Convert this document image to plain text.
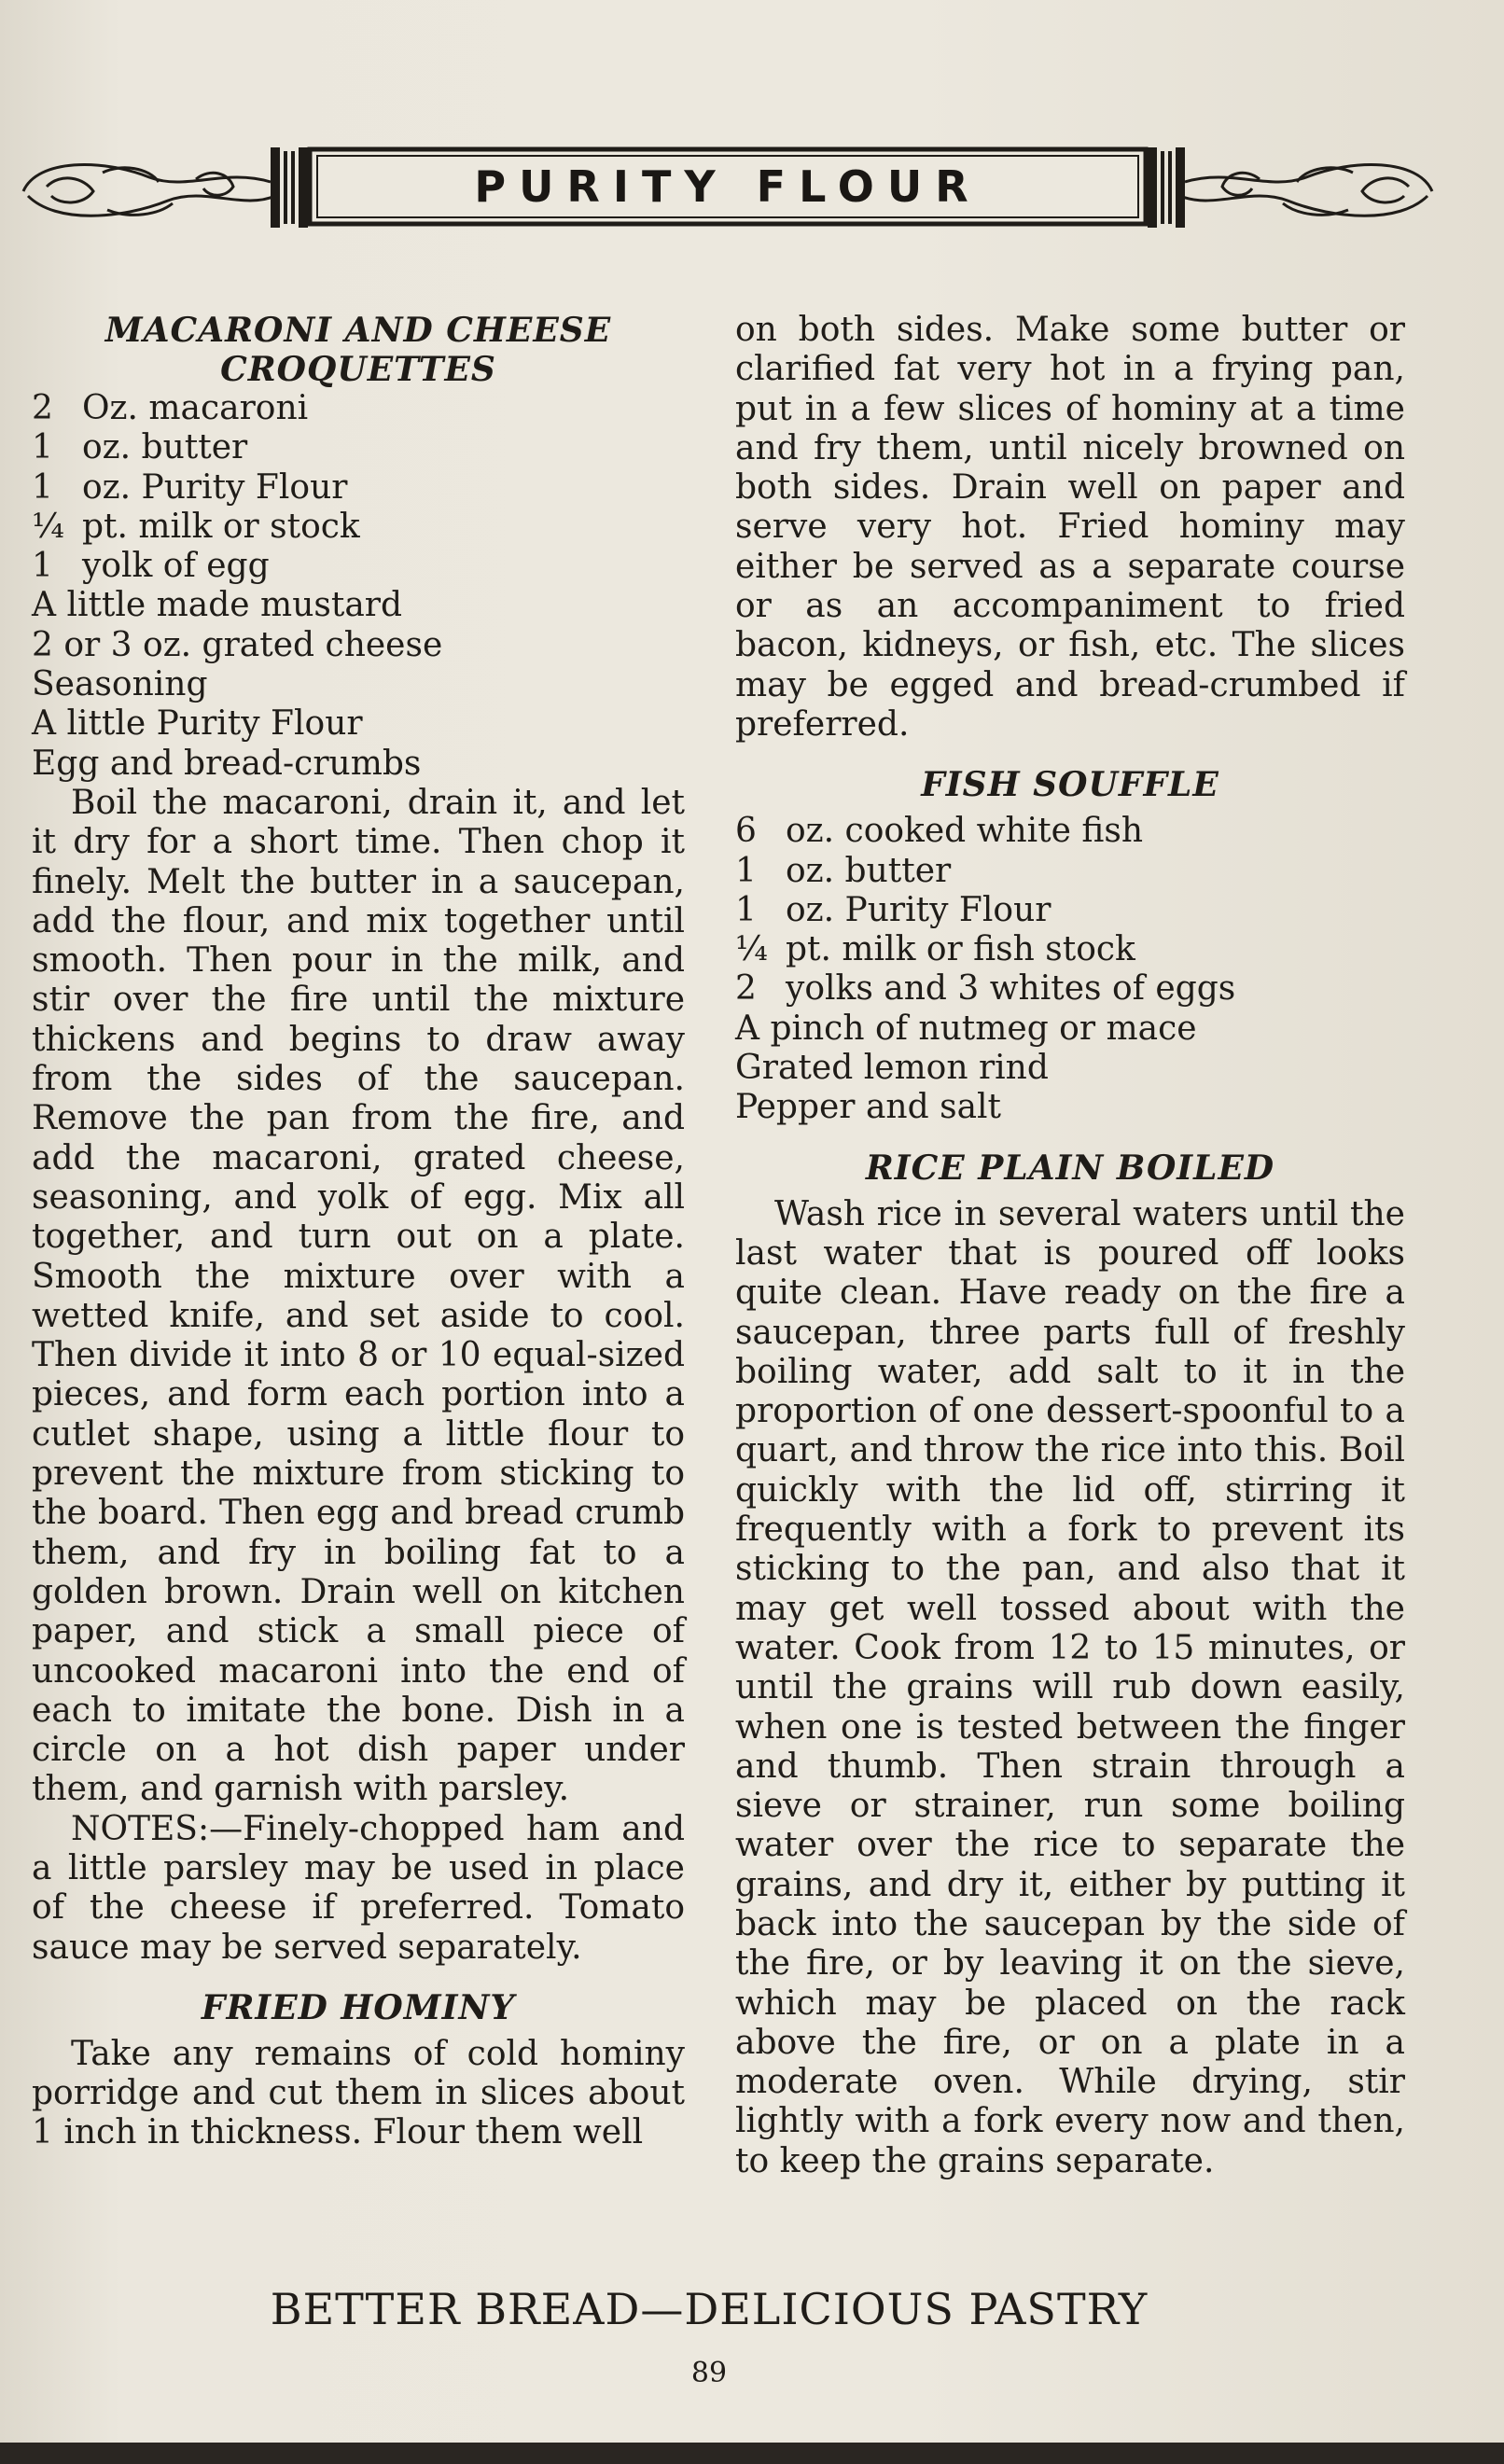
PURITY FLOUR

MACARONI AND CHEESE

CROQUETTES

2 Oz. macaroni

1 oz. butter

1 oz. Purity Flour

¼ pt. milk or stock

1 yolk of egg

A little made mustard

2 or 3 oz. grated cheese

Seasoning

A little Purity Flour

Egg and bread-crumbs

Boil the macaroni, drain it, and let it dry for a short time. Then chop it finely. Melt the butter in a saucepan, add the flour, and mix together until smooth. Then pour in the milk, and stir over the fire until the mixture thickens and begins to draw away from the sides of the saucepan. Remove the pan from the fire, and add the macaroni, grated cheese, seasoning, and yolk of egg. Mix all together, and turn out on a plate. Smooth the mixture over with a wetted knife, and set aside to cool. Then divide it into 8 or 10 equal-sized pieces, and form each portion into a cutlet shape, using a little flour to prevent the mixture from sticking to the board. Then egg and bread crumb them, and fry in boiling fat to a golden brown. Drain well on kitchen paper, and stick a small piece of uncooked macaroni into the end of each to imitate the bone. Dish in a circle on a hot dish paper under them, and garnish with parsley.

NOTES:—Finely-chopped ham and a little parsley may be used in place of the cheese if preferred. Tomato sauce may be served separately.

FRIED HOMINY

Take any remains of cold hominy porridge and cut them in slices about 1 inch in thickness. Flour them well

on both sides. Make some butter or clarified fat very hot in a frying pan, put in a few slices of hominy at a time and fry them, until nicely browned on both sides. Drain well on paper and serve very hot. Fried hominy may either be served as a separate course or as an accompaniment to fried bacon, kidneys, or fish, etc. The slices may be egged and bread-crumbed if preferred.

FISH SOUFFLE

6 oz. cooked white fish

1 oz. butter

1 oz. Purity Flour

¼ pt. milk or fish stock

2 yolks and 3 whites of eggs

A pinch of nutmeg or mace

Grated lemon rind

Pepper and salt

RICE PLAIN BOILED

Wash rice in several waters until the last water that is poured off looks quite clean. Have ready on the fire a saucepan, three parts full of freshly boiling water, add salt to it in the proportion of one dessert-spoonful to a quart, and throw the rice into this. Boil quickly with the lid off, stirring it frequently with a fork to prevent its sticking to the pan, and also that it may get well tossed about with the water. Cook from 12 to 15 minutes, or until the grains will rub down easily, when one is tested between the finger and thumb. Then strain through a sieve or strainer, run some boiling water over the rice to separate the grains, and dry it, either by putting it back into the saucepan by the side of the fire, or by leaving it on the sieve, which may be placed on the rack above the fire, or on a plate in a moderate oven. While drying, stir lightly with a fork every now and then, to keep the grains separate.

BETTER BREAD—DELICIOUS PASTRY
89
